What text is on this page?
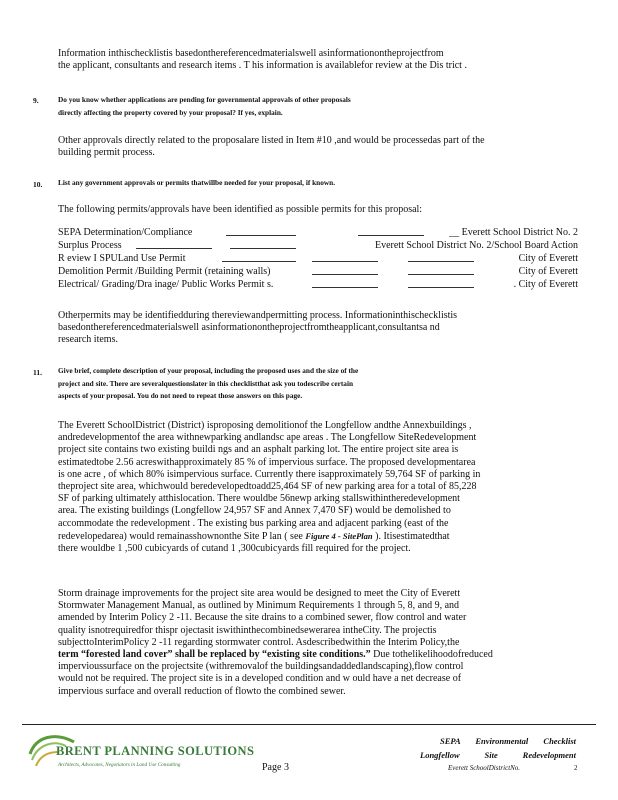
Information inthischecklistis basedonthereferencedmaterialswell asinformationontheprojectfrom
the applicant, consultants and research items . T his information is availablefor review at the Dis trict .
9.	Do you know whether applications are pending for governmental approvals of other proposals
directly affecting the property covered by your proposal? If yes, explain.
Other approvals directly related to the proposalare listed in Item #10 ,and would be processedas part of the
building permit process.
10. List any government approvals or permits thatwillbe needed for your proposal, if known.
The following permits/approvals have been identified as possible permits for this proposal:
SEPA Determination/Compliance	__ Everett School District No. 2
Surplus Process	Everett School District No. 2/School Board Action
R eview I SPULand Use Permit	City of Everett
Demolition Permit /Building Permit (retaining walls)	City of Everett
Electrical/ Grading/Dra inage/ Public Works Permit s.	. City of Everett
Otherpermits may be identifiedduring thereviewandpermitting process. Informationinthischecklistis
basedonthereferencedmaterialswell asinformationontheprojectfromtheapplicant,consultantsa nd
research items.
11. Give brief, complete description of your proposal, including the proposed uses and the size of the
project and site. There are severalquestionslater in this checklistthat ask you todescribe certain
aspects of your proposal. You do not need to repeat those answers on this page.
The Everett SchoolDistrict (District) isproposing demolitionof the Longfellow andthe Annexbuildings ,
andredevelopmentof the area withnewparking andlandsc ape areas . The Longfellow SiteRedevelopment
project site contains two existing buildi ngs and an asphalt parking lot. The entire project site area is
estimatedtobe 2.56 acreswithapproximately 85 % of impervious surface. The proposed developmentarea
is one acre , of which 80% isimpervious surface. Currently there isapproximately 59,764 SF of parking in
theproject site area, whichwould beredevelopedtoadd25,464 SF of new parking area for a total of 85,228
SF of parking ultimately atthislocation. There wouldbe 56newp arking stallswithintheredevelopment
area. The existing buildings (Longfellow 24,957 SF and Annex 7,470 SF) would be demolished to
accommodate the redevelopment . The existing bus parking area and adjacent parking (east of the
redevelopedarea) would remainasshownonthe Site P lan ( see Figure 4 - SitePlan ). Itisestimatedthat
there wouldbe 1 ,500 cubicyards of cutand 1 ,300cubicyards fill required for the project.
Storm drainage improvements for the project site area would be designed to meet the City of Everett
Stormwater Management Manual, as outlined by Minimum Requirements 1 through 5, 8, and 9, and
amended by Interim Policy 2 -11. Because the site drains to a combined sewer, flow control and water
quality isnotrequiredfor thispr ojectasit iswithinthecombinedsewerarea intheCity. The projectis
subjecttoInterimPolicy 2 -11 regarding stormwater control. Asdescribedwithin the Interim Policy,the
term “forested land cover” shall be replaced by “existing site conditions.” Due tothelikelihoodofreduced
impervioussurface on the projectsite (withremovalof the buildingsandaddedlandscaping),flow control
would not be required. The project site is in a developed condition and w ould have a net decrease of
impervious surface and overall reduction of flowto the combined sewer.
BRENT PLANNING SOLUTIONS
Architects, Advocates, Negotiators in Land Use Consulting	Page 3
SEPA Environmental Checklist
Longfellow Site Redevelopment
Everett SchoolDistrictNo.	2
